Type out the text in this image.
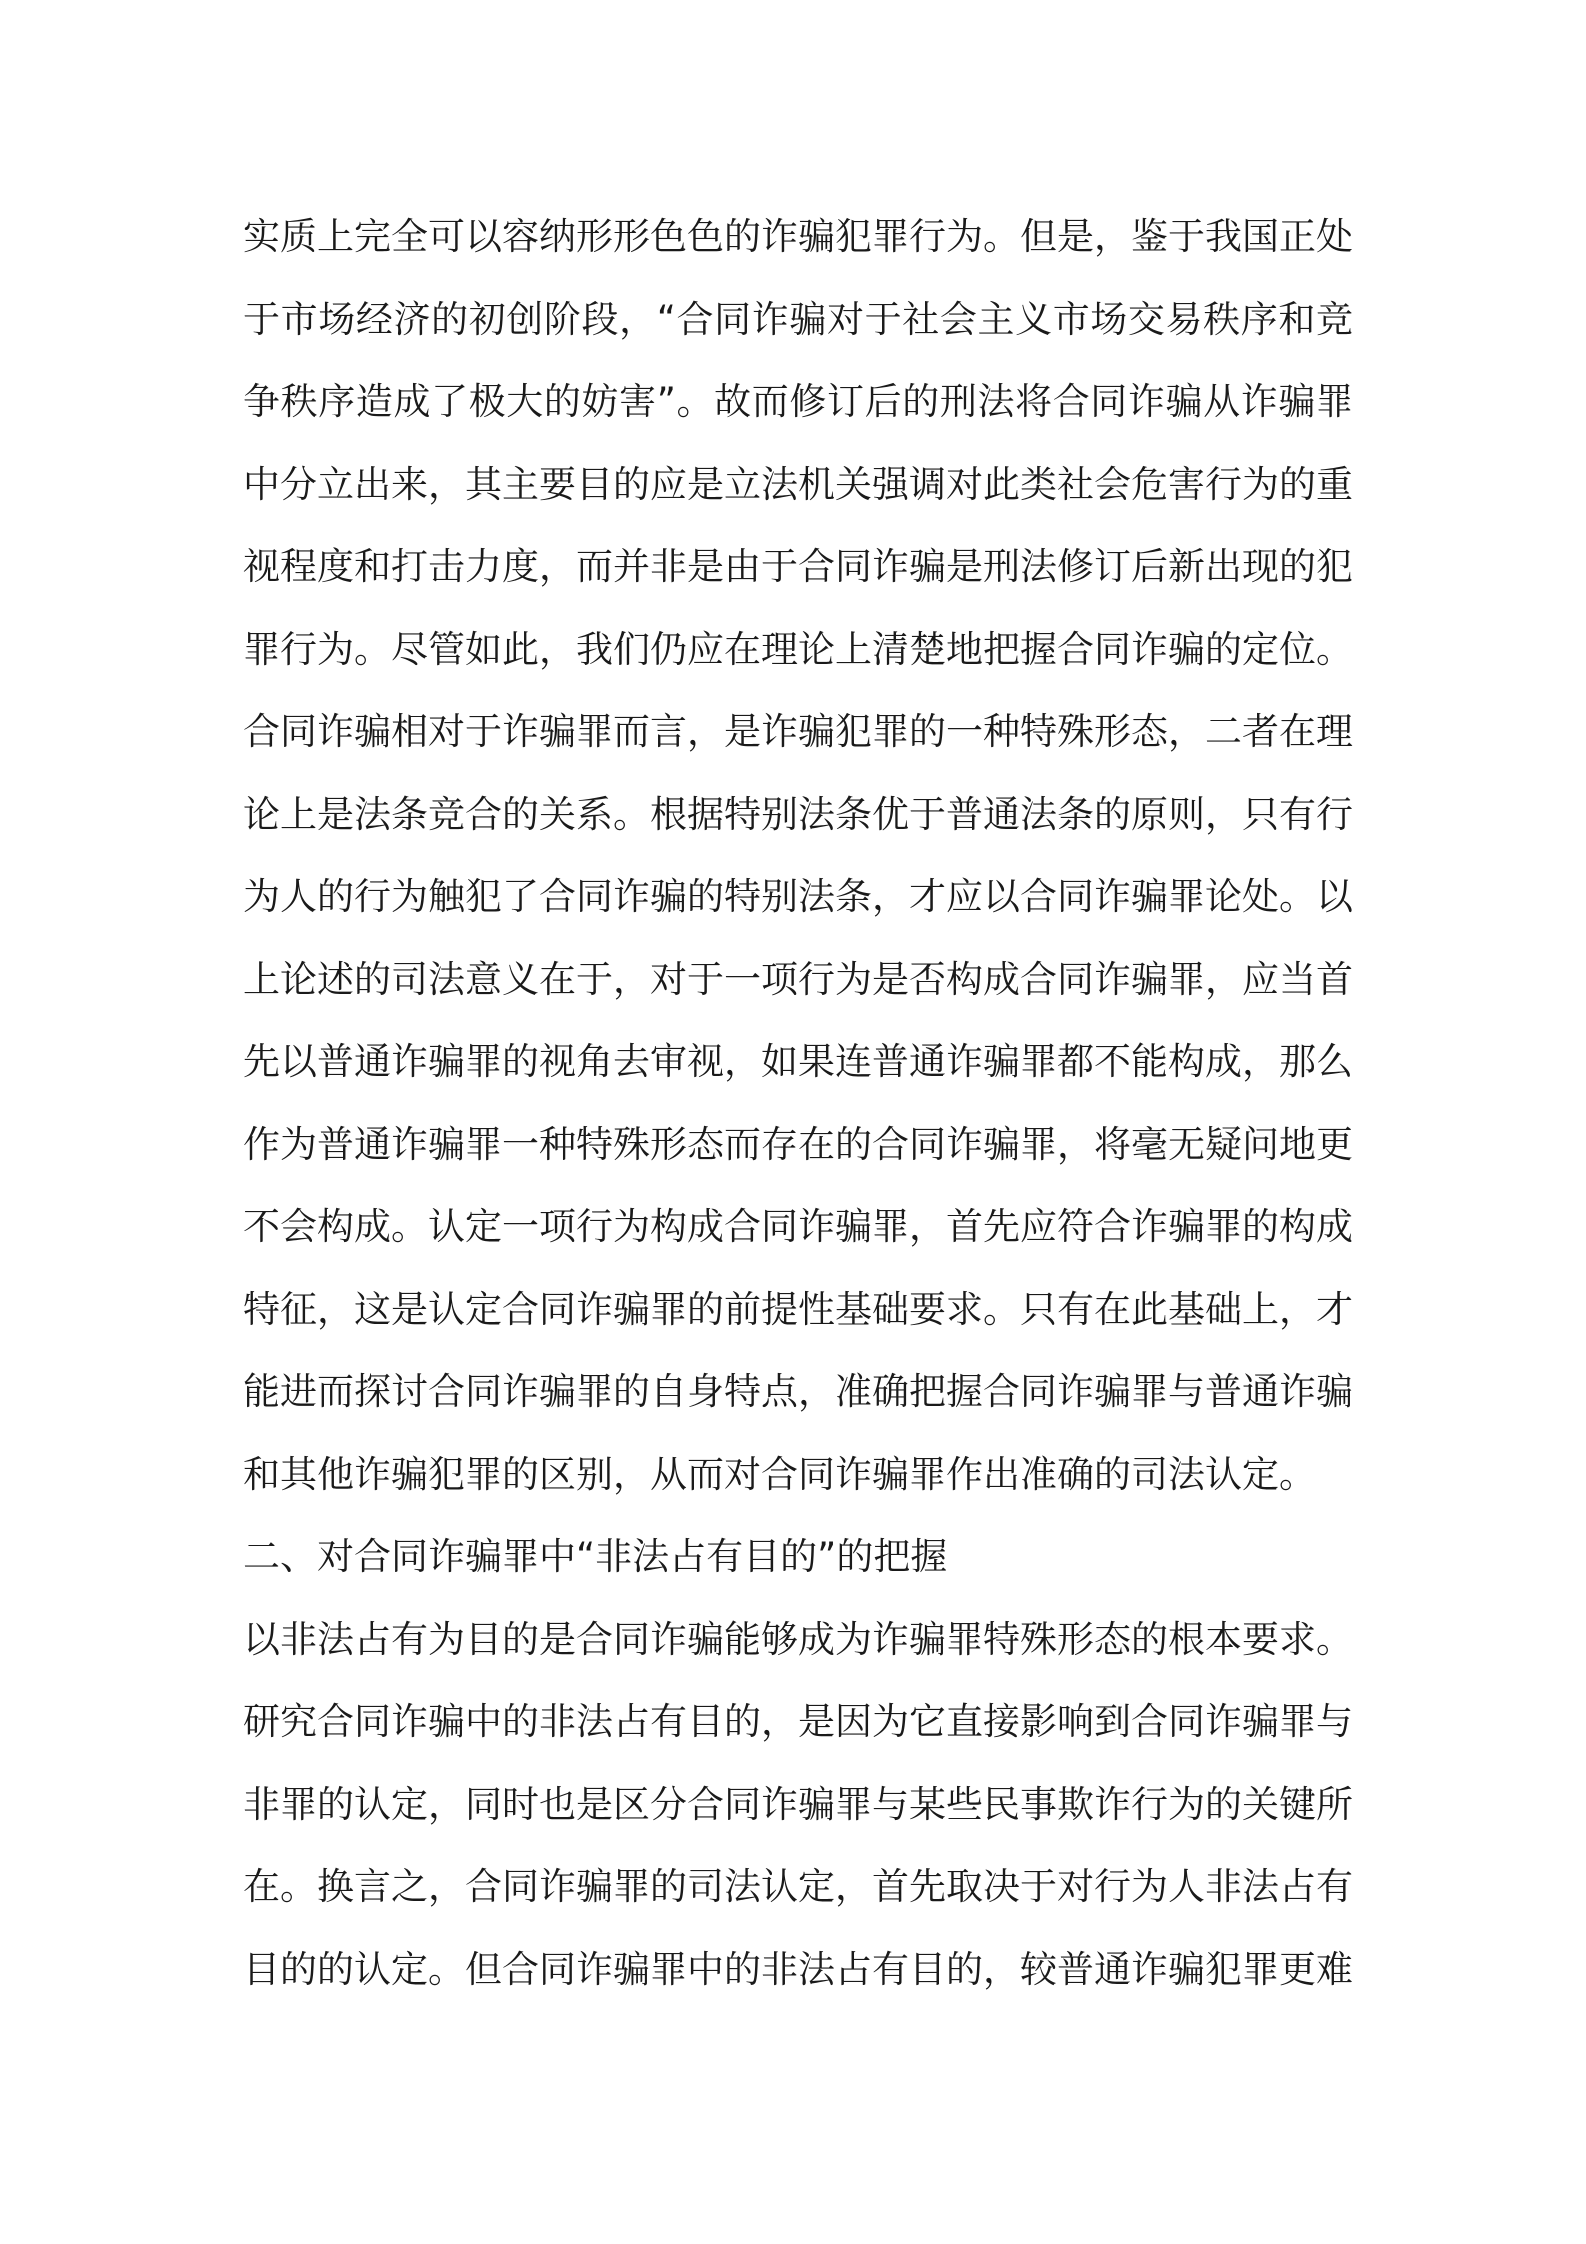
实质上完全可以容纳形形色色的诈骗犯罪行为。但是，鉴于我国正处
于市场经济的初创阶段，“合同诈骗对于社会主义市场交易秩序和竞
争秩序造成了极大的妨害”。故而修订后的刑法将合同诈骗从诈骗罪
中分立出来，其主要目的应是立法机关强调对此类社会危害行为的重
视程度和打击力度，而并非是由于合同诈骗是刑法修订后新出现的犯
罪行为。尽管如此，我们仍应在理论上清楚地把握合同诈骗的定位。
合同诈骗相对于诈骗罪而言，是诈骗犯罪的一种特殊形态，二者在理
论上是法条竞合的关系。根据特别法条优于普通法条的原则，只有行
为人的行为触犯了合同诈骗的特别法条，才应以合同诈骗罪论处。以
上论述的司法意义在于，对于一项行为是否构成合同诈骗罪，应当首
先以普通诈骗罪的视角去审视，如果连普通诈骗罪都不能构成，那么
作为普通诈骗罪一种特殊形态而存在的合同诈骗罪，将毫无疑问地更
不会构成。认定一项行为构成合同诈骗罪，首先应符合诈骗罪的构成
特征，这是认定合同诈骗罪的前提性基础要求。只有在此基础上，才
能进而探讨合同诈骗罪的自身特点，准确把握合同诈骗罪与普通诈骗
和其他诈骗犯罪的区别，从而对合同诈骗罪作出准确的司法认定。
二、对合同诈骗罪中“非法占有目的”的把握
以非法占有为目的是合同诈骗能够成为诈骗罪特殊形态的根本要求。
研究合同诈骗中的非法占有目的，是因为它直接影响到合同诈骗罪与
非罪的认定，同时也是区分合同诈骗罪与某些民事欺诈行为的关键所
在。换言之，合同诈骗罪的司法认定，首先取决于对行为人非法占有
目的的认定。但合同诈骗罪中的非法占有目的，较普通诈骗犯罪更难
